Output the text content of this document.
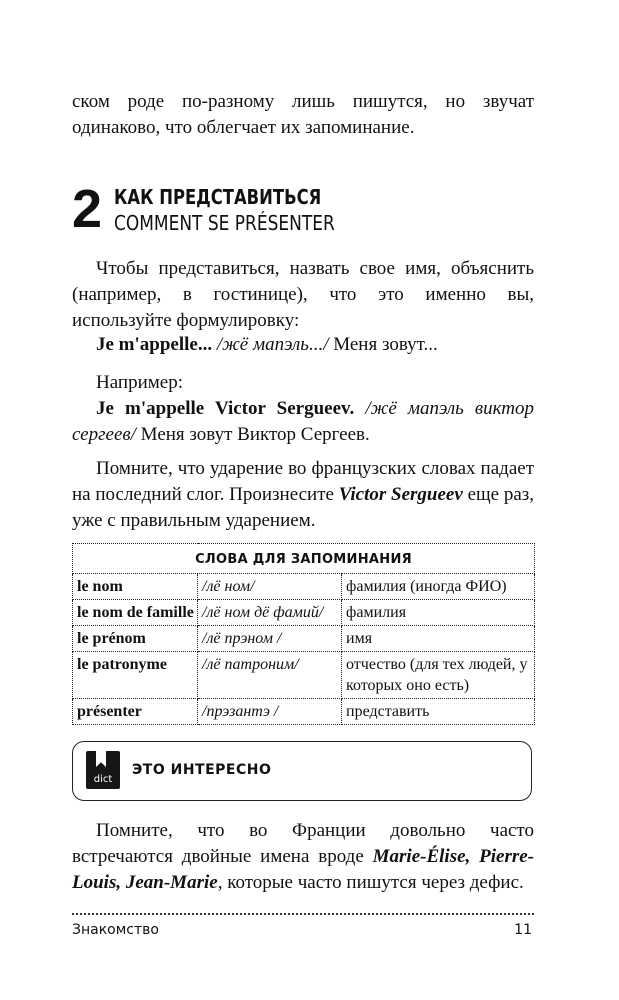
ском роде по-разному лишь пишутся, но звучат одинаково, что облегчает их запоминание.

2 КАК ПРЕДСТАВИТЬСЯ
COMMENT SE PRÉSENTER

Чтобы представиться, назвать свое имя, объяснить (например, в гостинице), что это именно вы, используйте формулировку:

Je m'appelle... /жё мапэль.../ Меня зовут...

Например:

Je m'appelle Victor Sergueev. /жё мапэль виктор сергеев/ Меня зовут Виктор Сергеев.

Помните, что ударение во французских словах падает на последний слог. Произнесите Victor Sergueev еще раз, уже с правильным ударением.

СЛОВА ДЛЯ ЗАПОМИНАНИЯ		
le nom	/лё ном/	фамилия (иногда ФИО)
le nom de famille	/лё ном дё фамий/	фамилия
le prénom	/лё прэном /	имя
le patronyme	/лё патроним/	отчество (для тех людей, у которых оно есть)
présenter	/прэзантэ /	представить
dict
ЭТО ИНТЕРЕСНО

Помните, что во Франции довольно часто встречаются двойные имена вроде Marie-Élise, Pierre-Louis, Jean-Marie, которые часто пишутся через дефис.

Знакомство	11
